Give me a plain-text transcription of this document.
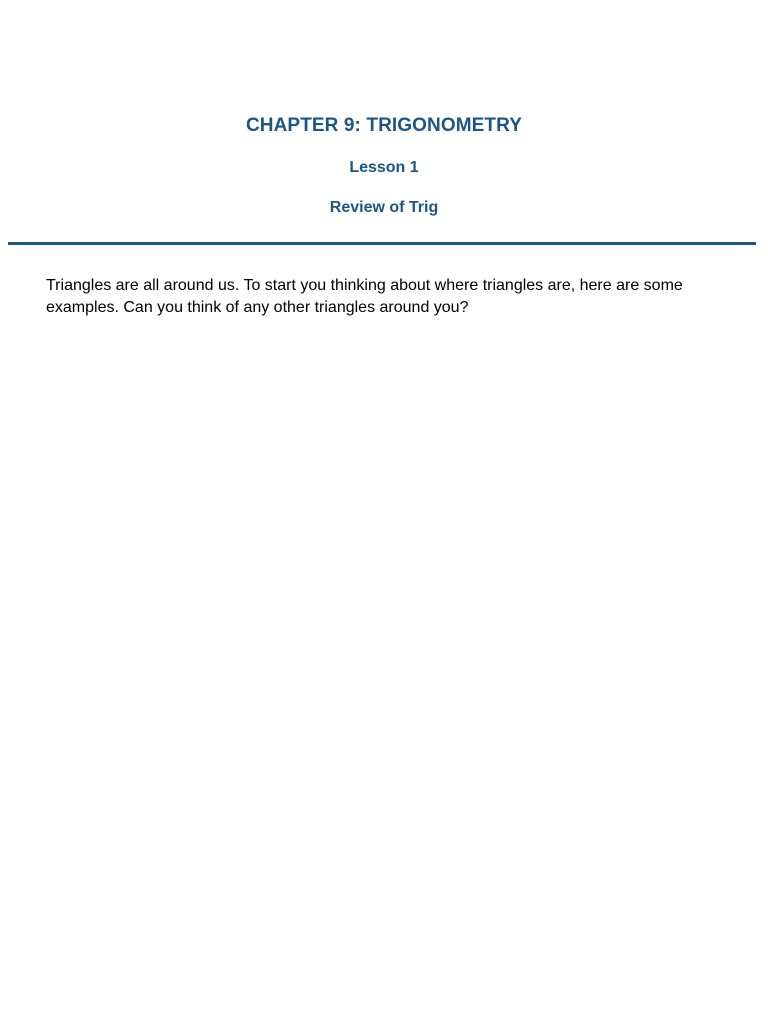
CHAPTER 9: TRIGONOMETRY
Lesson 1
Review of Trig

Triangles are all around us. To start you thinking about where triangles are, here are some examples. Can you think of any other triangles around you?
